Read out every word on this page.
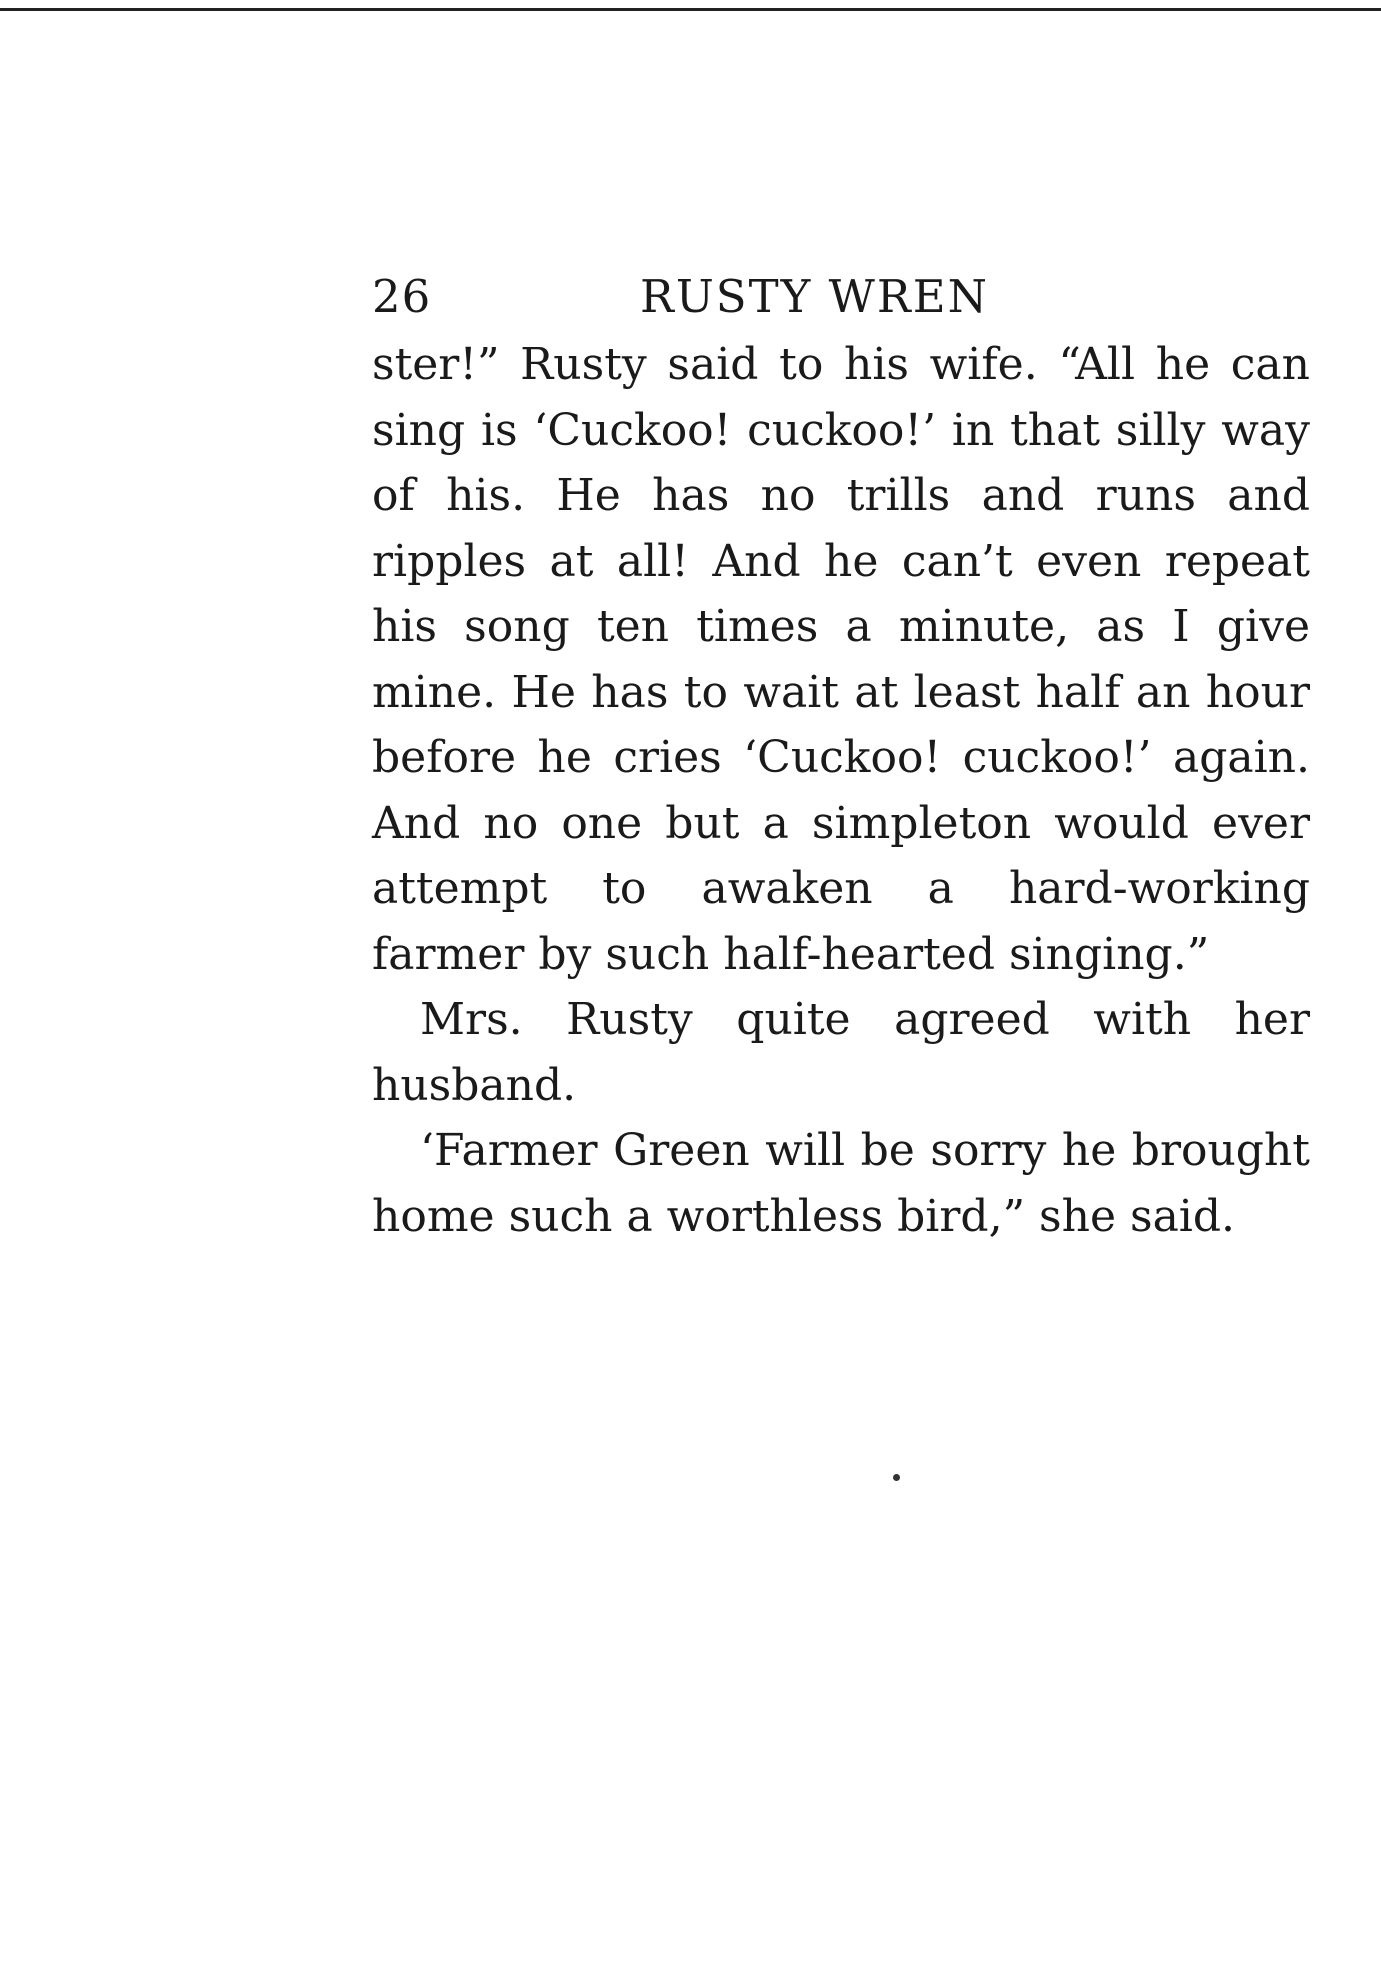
26	RUSTY WREN

ster!” Rusty said to his wife. “All he can sing is ‘Cuckoo! cuckoo!’ in that silly way of his. He has no trills and runs and ripples at all! And he can’t even repeat his song ten times a minute, as I give mine. He has to wait at least half an hour before he cries ‘Cuckoo! cuckoo!’ again. And no one but a simpleton would ever attempt to awaken a hard-working farmer by such half-hearted singing.”

Mrs. Rusty quite agreed with her husband.

‘Farmer Green will be sorry he brought home such a worthless bird,” she said.
